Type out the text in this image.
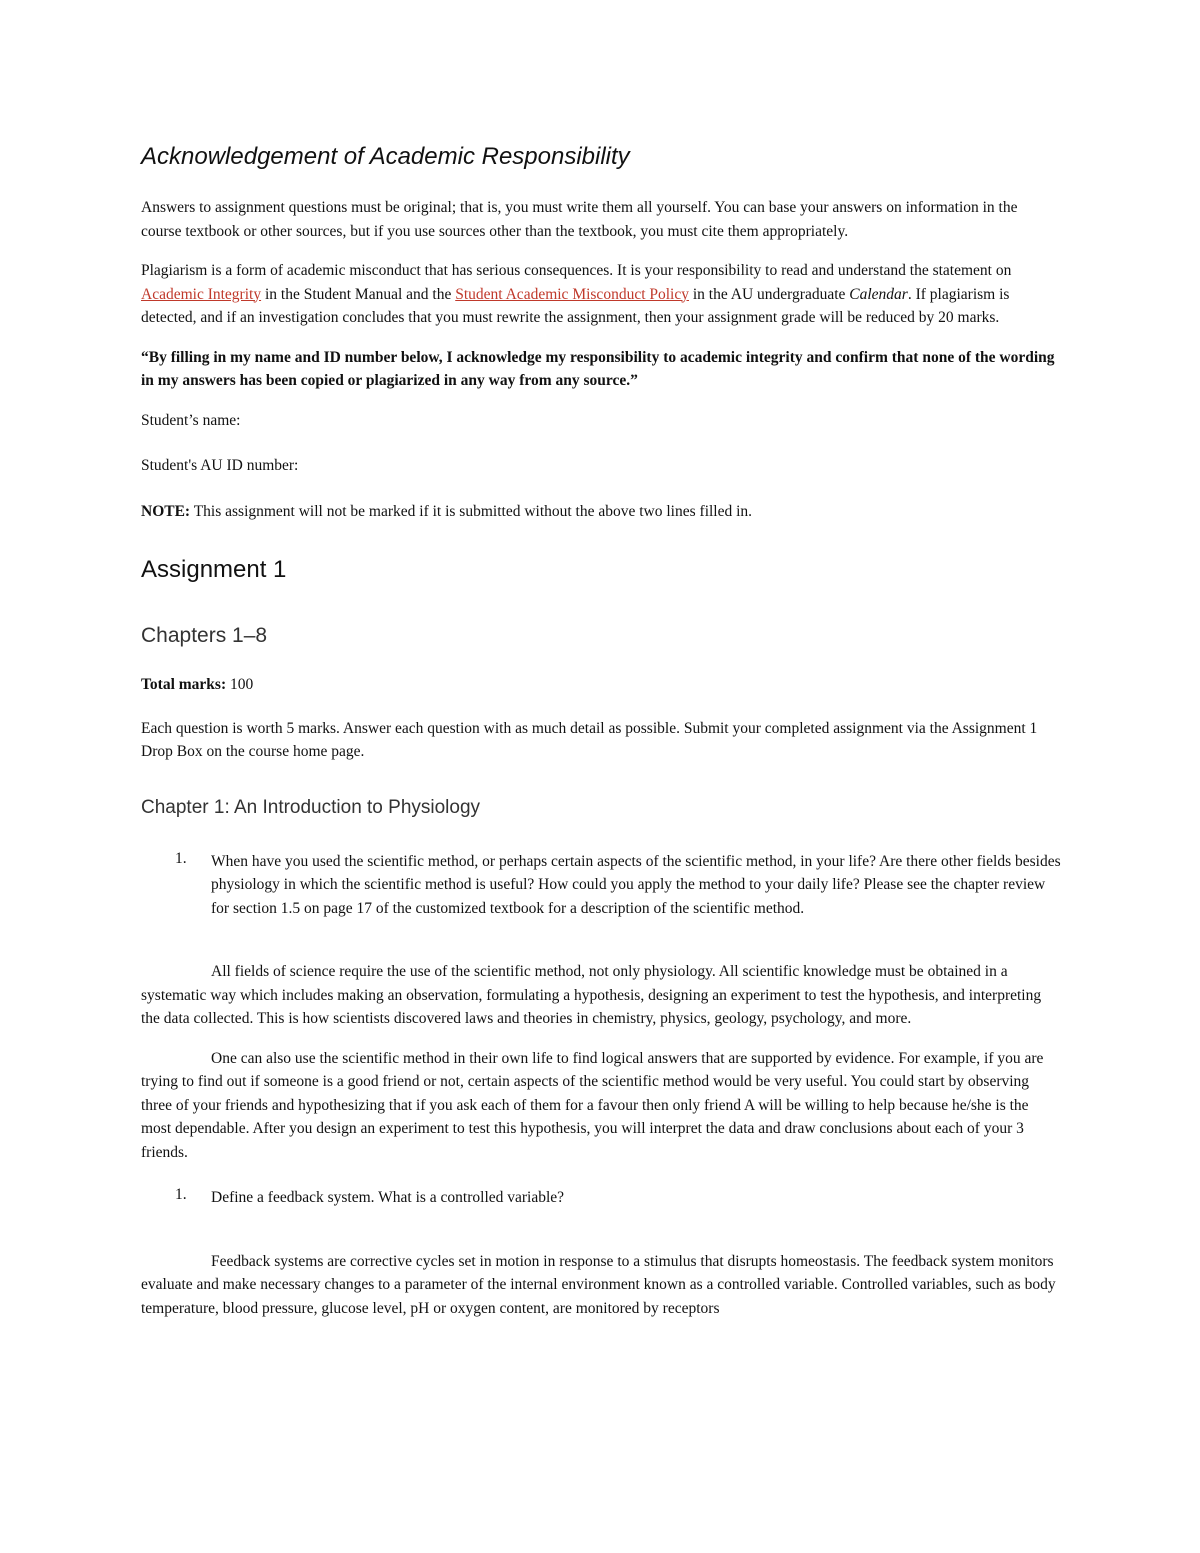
Acknowledgement of Academic Responsibility

Answers to assignment questions must be original; that is, you must write them all yourself. You can base your answers on information in the course textbook or other sources, but if you use sources other than the textbook, you must cite them appropriately.

Plagiarism is a form of academic misconduct that has serious consequences. It is your responsibility to read and understand the statement on Academic Integrity in the Student Manual and the Student Academic Misconduct Policy in the AU undergraduate Calendar. If plagiarism is detected, and if an investigation concludes that you must rewrite the assignment, then your assignment grade will be reduced by 20 marks.

“By filling in my name and ID number below, I acknowledge my responsibility to academic integrity and confirm that none of the wording in my answers has been copied or plagiarized in any way from any source.”

Student’s name:

Student's AU ID number:

NOTE: This assignment will not be marked if it is submitted without the above two lines filled in.

Assignment 1
Chapters 1–8

Total marks: 100

Each question is worth 5 marks. Answer each question with as much detail as possible. Submit your completed assignment via the Assignment 1 Drop Box on the course home page.

Chapter 1: An Introduction to Physiology
1.	When have you used the scientific method, or perhaps certain aspects of the scientific method, in your life? Are there other fields besides physiology in which the scientific method is useful? How could you apply the method to your daily life? Please see the chapter review for section 1.5 on page 17 of the customized textbook for a description of the scientific method.

All fields of science require the use of the scientific method, not only physiology. All scientific knowledge must be obtained in a systematic way which includes making an observation, formulating a hypothesis, designing an experiment to test the hypothesis, and interpreting the data collected. This is how scientists discovered laws and theories in chemistry, physics, geology, psychology, and more.

One can also use the scientific method in their own life to find logical answers that are supported by evidence. For example, if you are trying to find out if someone is a good friend or not, certain aspects of the scientific method would be very useful. You could start by observing three of your friends and hypothesizing that if you ask each of them for a favour then only friend A will be willing to help because he/she is the most dependable. After you design an experiment to test this hypothesis, you will interpret the data and draw conclusions about each of your 3 friends.

1.	Define a feedback system. What is a controlled variable?

Feedback systems are corrective cycles set in motion in response to a stimulus that disrupts homeostasis. The feedback system monitors evaluate and make necessary changes to a parameter of the internal environment known as a controlled variable. Controlled variables, such as body temperature, blood pressure, glucose level, pH or oxygen content, are monitored by receptors
